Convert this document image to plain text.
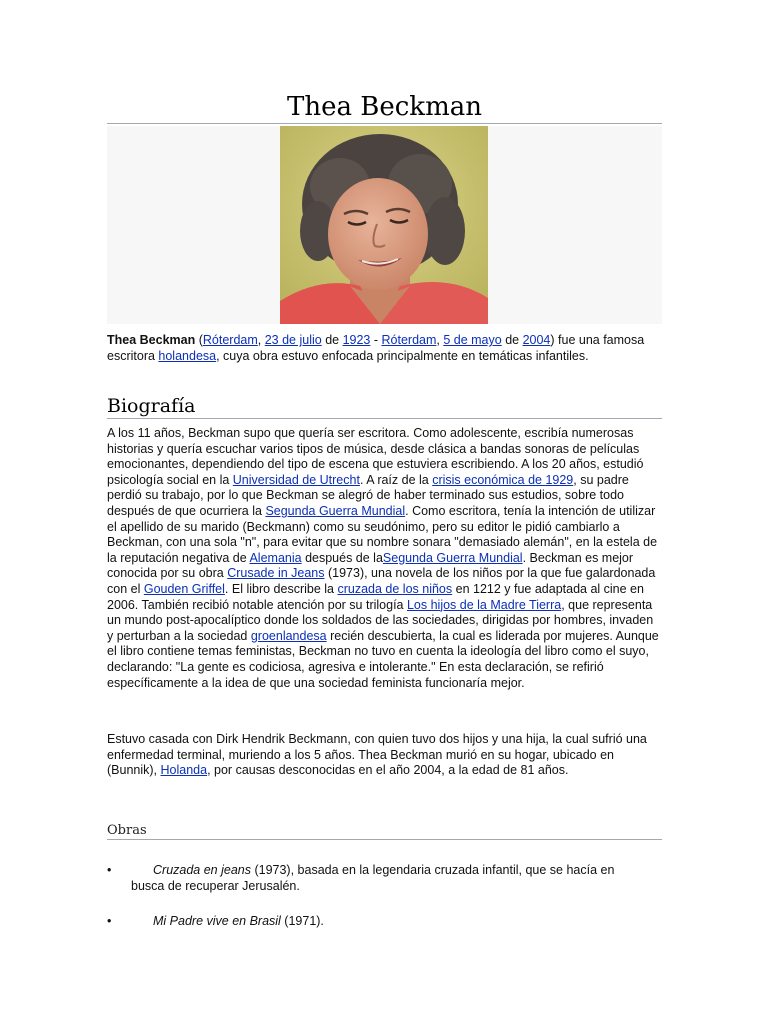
Thea Beckman

Thea Beckman (Róterdam, 23 de julio de 1923 - Róterdam, 5 de mayo de 2004) fue una famosa escritora holandesa, cuya obra estuvo enfocada principalmente en temáticas infantiles.

Biografía

A los 11 años, Beckman supo que quería ser escritora. Como adolescente, escribía numerosas historias y quería escuchar varios tipos de música, desde clásica a bandas sonoras de películas emocionantes, dependiendo del tipo de escena que estuviera escribiendo. A los 20 años, estudió psicología social en la Universidad de Utrecht. A raíz de la crisis económica de 1929, su padre perdió su trabajo, por lo que Beckman se alegró de haber terminado sus estudios, sobre todo después de que ocurriera la Segunda Guerra Mundial. Como escritora, tenía la intención de utilizar el apellido de su marido (Beckmann) como su seudónimo, pero su editor le pidió cambiarlo a Beckman, con una sola "n", para evitar que su nombre sonara "demasiado alemán", en la estela de la reputación negativa de Alemania después de laSegunda Guerra Mundial. Beckman es mejor conocida por su obra Crusade in Jeans (1973), una novela de los niños por la que fue galardonada con el Gouden Griffel. El libro describe la cruzada de los niños en 1212 y fue adaptada al cine en 2006. También recibió notable atención por su trilogía Los hijos de la Madre Tierra, que representa un mundo post-apocalíptico donde los soldados de las sociedades, dirigidas por hombres, invaden y perturban a la sociedad groenlandesa recién descubierta, la cual es liderada por mujeres. Aunque el libro contiene temas feministas, Beckman no tuvo en cuenta la ideología del libro como el suyo, declarando: "La gente es codiciosa, agresiva e intolerante." En esta declaración, se refirió específicamente a la idea de que una sociedad feminista funcionaría mejor.

Estuvo casada con Dirk Hendrik Beckmann, con quien tuvo dos hijos y una hija, la cual sufrió una enfermedad terminal, muriendo a los 5 años. Thea Beckman murió en su hogar, ubicado en (Bunnik), Holanda, por causas desconocidas en el año 2004, a la edad de 81 años.

Obras
•	Cruzada en jeans (1973), basada en la legendaria cruzada infantil, que se hacía en busca de recuperar Jerusalén.
•	Mi Padre vive en Brasil (1971).
